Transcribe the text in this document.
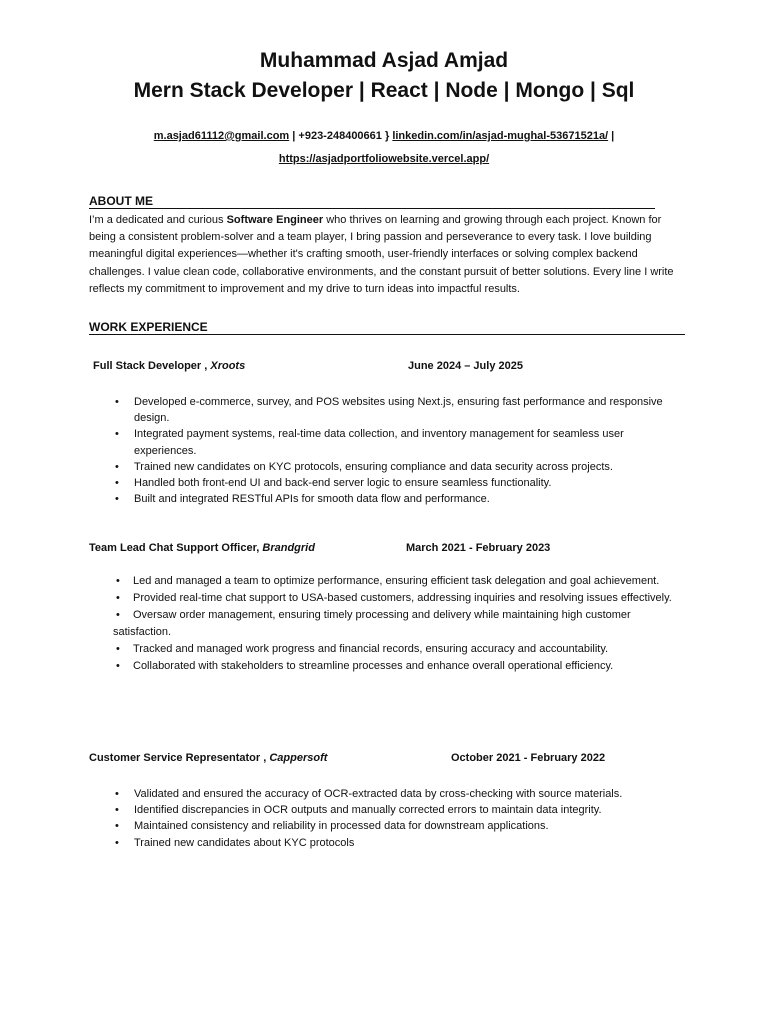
Muhammad Asjad Amjad
Mern Stack Developer | React | Node | Mongo | Sql
m.asjad61112@gmail.com | +923-248400661 } linkedin.com/in/asjad-mughal-53671521a/ |
https://asjadportfoliowebsite.vercel.app/
ABOUT ME
I’m a dedicated and curious Software Engineer who thrives on learning and growing through each project. Known for being a consistent problem-solver and a team player, I bring passion and perseverance to every task. I love building meaningful digital experiences—whether it's crafting smooth, user-friendly interfaces or solving complex backend challenges. I value clean code, collaborative environments, and the constant pursuit of better solutions. Every line I write reflects my commitment to improvement and my drive to turn ideas into impactful results.
WORK EXPERIENCE
Full Stack Developer , Xroots	June 2024 – July 2025
• Developed e-commerce, survey, and POS websites using Next.js, ensuring fast performance and responsive design.
• Integrated payment systems, real-time data collection, and inventory management for seamless user experiences.
• Trained new candidates on KYC protocols, ensuring compliance and data security across projects.
• Handled both front-end UI and back-end server logic to ensure seamless functionality.
• Built and integrated RESTful APIs for smooth data flow and performance.
Team Lead Chat Support Officer, Brandgrid	March 2021 - February 2023
• Led and managed a team to optimize performance, ensuring efficient task delegation and goal achievement.
• Provided real-time chat support to USA-based customers, addressing inquiries and resolving issues effectively.
• Oversaw order management, ensuring timely processing and delivery while maintaining high customer satisfaction.
• Tracked and managed work progress and financial records, ensuring accuracy and accountability.
• Collaborated with stakeholders to streamline processes and enhance overall operational efficiency.
Customer Service Representator , Cappersoft	October 2021 - February 2022
• Validated and ensured the accuracy of OCR-extracted data by cross-checking with source materials.
• Identified discrepancies in OCR outputs and manually corrected errors to maintain data integrity.
• Maintained consistency and reliability in processed data for downstream applications.
• Trained new candidates about KYC protocols
